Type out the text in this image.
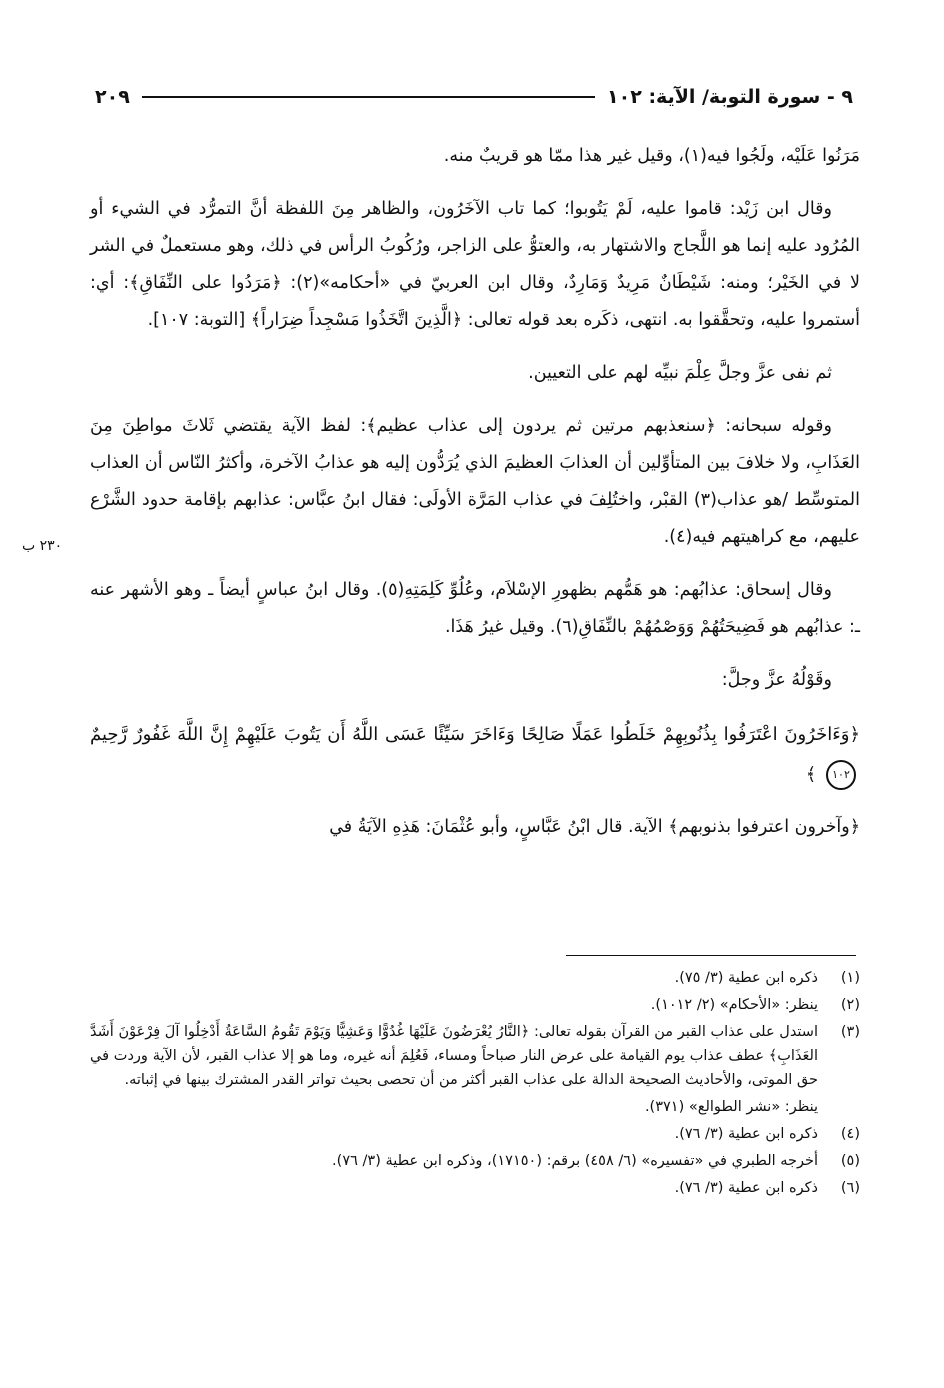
٩ - سورة التوبة/ الآية: ١٠٢
٢٠٩
٢٣٠ ب

مَرَنُوا عَلَيْه، ولَجُوا فيه(١)، وقيل غير هذا ممّا هو قريبٌ منه.

وقال ابن زَيْد: قاموا عليه، لَمْ يَتُوبوا؛ كما تاب الآخَرُون، والظاهر مِنَ اللفظة أنَّ التمرُّد في الشيء أو المُرُود عليه إنما هو اللَّجاج والاشتهار به، والعتوُّ على الزاجر، ورُكُوبُ الرأس في ذلك، وهو مستعملٌ في الشر لا في الخَيْر؛ ومنه: شَيْطَانٌ مَرِيدٌ وَمَارِدٌ، وقال ابن العربيّ في «أحكامه»(٢): ﴿مَرَدُوا على النِّفَاقِ﴾: أي: أستمروا عليه، وتحقَّقوا به. انتهى، ذكَره بعد قوله تعالى: ﴿الَّذِينَ اتَّخَذُوا مَسْجِداً ضِرَاراً﴾ [التوبة: ١٠٧].

ثم نفى عزَّ وجلَّ عِلْمَ نبيِّه لهم على التعيين.

وقوله سبحانه: ﴿سنعذبهم مرتين ثم يردون إلى عذاب عظيم﴾: لفظ الآية يقتضي ثَلاثَ مواطِنَ مِنَ العَذَابِ، ولا خلافَ بين المتأوِّلين أن العذابَ العظيمَ الذي يُرَدُّون إليه هو عذابُ الآخرة، وأكثرُ النّاس أن العذاب المتوسِّط /هو عذاب(٣) القبْر، واختُلِفَ في عذاب المَرَّة الأولَى: فقال ابنُ عبَّاس: عذابهم بإقامة حدود الشَّرْع عليهم، مع كراهيتهم فيه(٤).

وقال إسحاق: عذابُهم: هو هَمُّهم بظهورِ الإسْلاَم، وعُلُوِّ كَلِمَتِهِ(٥). وقال ابنُ عباسٍ أيضاً ـ وهو الأشهر عنه ـ: عذابُهم هو فَضِيحَتُهُمْ وَوَصْمُهُمْ بالنِّفَاقِ(٦). وقيل غيرُ هَذَا.

وقَوْلُهُ عزَّ وجلَّ:

﴿وَءَاخَرُونَ اعْتَرَفُوا بِذُنُوبِهِمْ خَلَطُوا عَمَلًا صَالِحًا وَءَاخَرَ سَيِّئًا عَسَى اللَّهُ أَن يَتُوبَ عَلَيْهِمْ إِنَّ اللَّهَ غَفُورٌ رَّحِيمٌ ١٠٢ ﴾

﴿وآخرون اعترفوا بذنوبهم﴾ الآية. قال ابْنُ عَبَّاسٍ، وأبو عُثْمَانَ: هَذِهِ الآيَةُ في

(١)
ذكره ابن عطية (٣/ ٧٥).
(٢)
ينظر: «الأحكام» (٢/ ١٠١٢).
(٣)
استدل على عذاب القبر من القرآن بقوله تعالى: ﴿النَّارُ يُعْرَضُونَ عَلَيْهَا غُدُوًّا وَعَشِيًّا وَيَوْمَ تَقُومُ السَّاعَةُ أَدْخِلُوا آلَ فِرْعَوْنَ أَشَدَّ العَذَابِ﴾ عطف عذاب يوم القيامة على عرض النار صباحاً ومساء، فَعُلِمَ أنه غيره، وما هو إلا عذاب القبر، لأن الآية وردت في حق الموتى، والأحاديث الصحيحة الدالة على عذاب القبر أكثر من أن تحصى بحيث تواتر القدر المشترك بينها في إثباته.
ينظر: «نشر الطوالع» (٣٧١).
(٤)
ذكره ابن عطية (٣/ ٧٦).
(٥)
أخرجه الطبري في «تفسيره» (٦/ ٤٥٨) برقم: (١٧١٥٠)، وذكره ابن عطية (٣/ ٧٦).
(٦)
ذكره ابن عطية (٣/ ٧٦).
